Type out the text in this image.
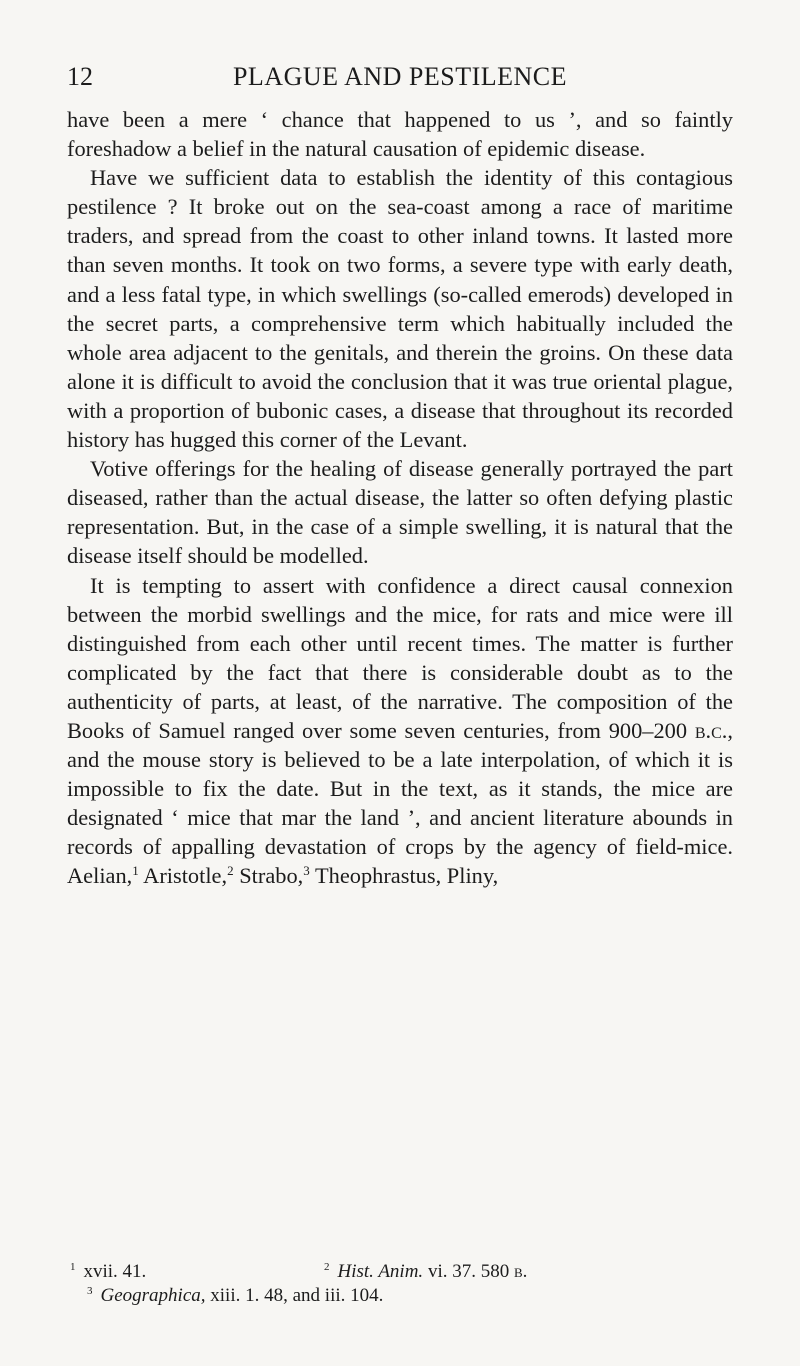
12	PLAGUE AND PESTILENCE

have been a mere ‘ chance that happened to us ’, and so faintly foreshadow a belief in the natural causation of epidemic disease.

Have we sufficient data to establish the identity of this contagious pestilence ? It broke out on the sea-coast among a race of maritime traders, and spread from the coast to other inland towns. It lasted more than seven months. It took on two forms, a severe type with early death, and a less fatal type, in which swellings (so-called emerods) developed in the secret parts, a comprehensive term which habitually included the whole area adjacent to the genitals, and therein the groins. On these data alone it is difficult to avoid the conclusion that it was true oriental plague, with a proportion of bubonic cases, a disease that throughout its recorded history has hugged this corner of the Levant.

Votive offerings for the healing of disease generally portrayed the part diseased, rather than the actual disease, the latter so often defying plastic representation. But, in the case of a simple swelling, it is natural that the disease itself should be modelled.

It is tempting to assert with confidence a direct causal connexion between the morbid swellings and the mice, for rats and mice were ill distinguished from each other until recent times. The matter is further complicated by the fact that there is considerable doubt as to the authenticity of parts, at least, of the narrative. The composition of the Books of Samuel ranged over some seven centuries, from 900–200 b.c., and the mouse story is believed to be a late interpolation, of which it is impossible to fix the date. But in the text, as it stands, the mice are designated ‘ mice that mar the land ’, and ancient literature abounds in records of appalling devastation of crops by the agency of field-mice. Aelian,$^1$ Aristotle,$^2$ Strabo,$^3$ Theophrastus, Pliny,

$^1$ xvii. 41.	$^2$ Hist. Anim. vi. 37. 580 b.
$^3$ Geographica, xiii. 1. 48, and iii. 104.
